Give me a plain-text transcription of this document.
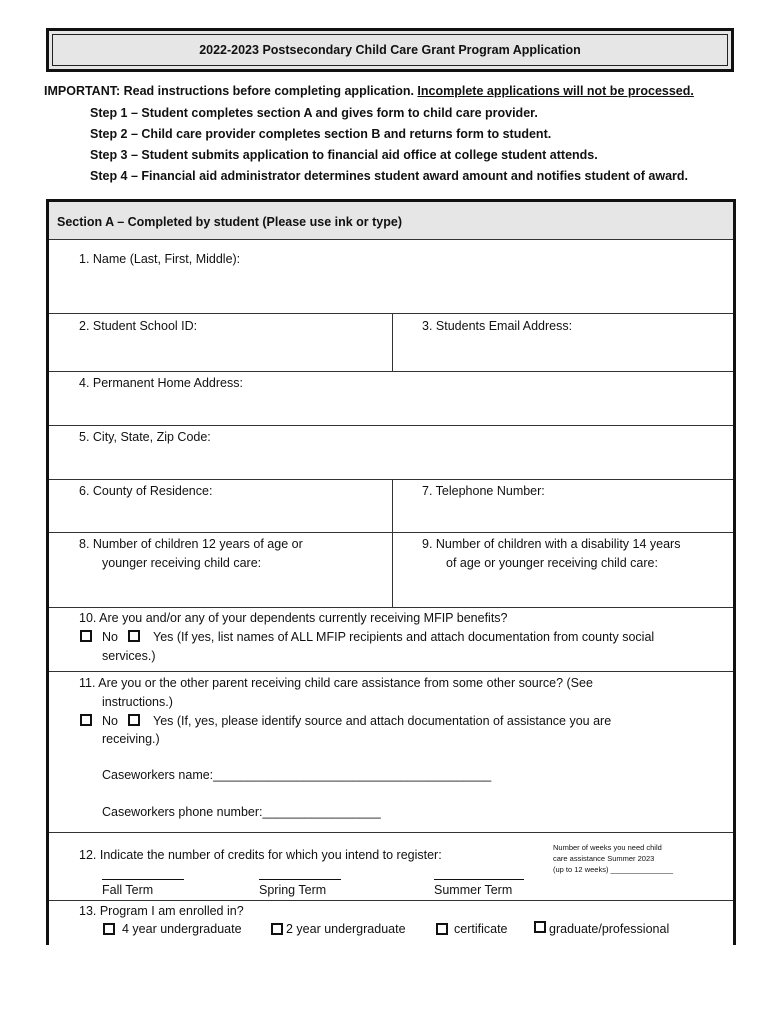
2022-2023 Postsecondary Child Care Grant Program Application
IMPORTANT: Read instructions before completing application. Incomplete applications will not be processed.
Step 1 – Student completes section A and gives form to child care provider.
Step 2 – Child care provider completes section B and returns form to student.
Step 3 – Student submits application to financial aid office at college student attends.
Step 4 – Financial aid administrator determines student award amount and notifies student of award.
Section A – Completed by student (Please use ink or type)
1. Name (Last, First, Middle):
2. Student School ID:	3. Students Email Address:
4. Permanent Home Address:
5. City, State, Zip Code:
6. County of Residence:	7. Telephone Number:
8. Number of children 12 years of age or
younger receiving child care:
9. Number of children with a disability 14 years
of age or younger receiving child care:
10. Are you and/or any of your dependents currently receiving MFIP benefits?
No	Yes (If yes, list names of ALL MFIP recipients and attach documentation from county social
services.)
11. Are you or the other parent receiving child care assistance from some other source? (See
instructions.)
No	Yes (If, yes, please identify source and attach documentation of assistance you are
receiving.)
Caseworkers name:________________________________________
Caseworkers phone number:_________________
12. Indicate the number of credits for which you intend to register:
Number of weeks you need child
care assistance Summer 2023
(up to 12 weeks) _______________
Fall Term	Spring Term	Summer Term
13. Program I am enrolled in?
4 year undergraduate	2 year undergraduate	certificate	graduate/professional
